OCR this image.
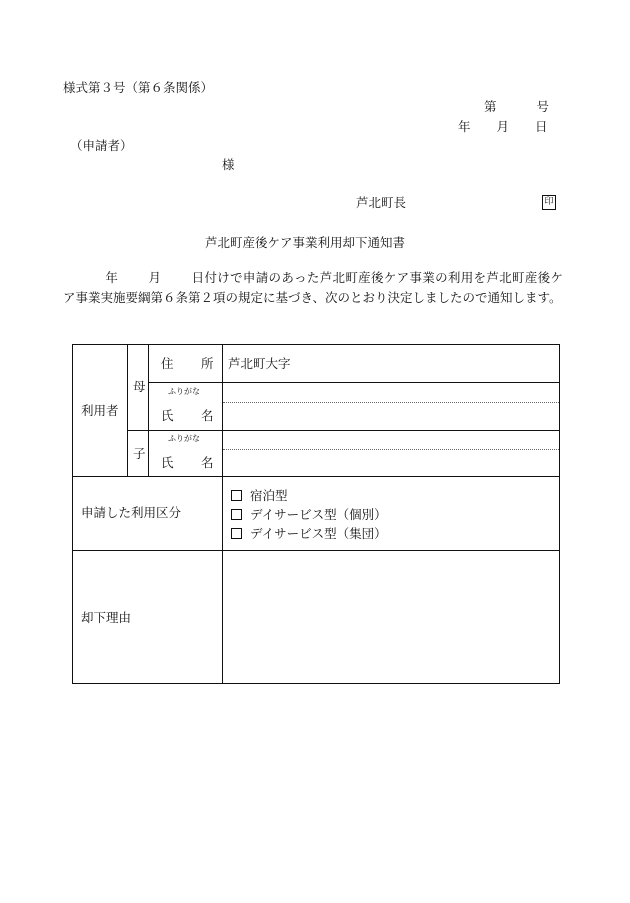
様式第３号（第６条関係）
第	号
年 月 日
（申請者）
様
芦北町長	印
芦北町産後ケア事業利用却下通知書
年 月 日付けで申請のあった芦北町産後ケア事業の利用を芦北町産後ケア事業実施要綱第６条第２項の規定に基づき、次のとおり決定しましたので通知します。
利用者
母
子
住 所 芦北町大字
ふりがな
氏 名
ふりがな
氏 名
申請した利用区分
宿泊型
デイサービス型（個別）
デイサービス型（集団）
却下理由
